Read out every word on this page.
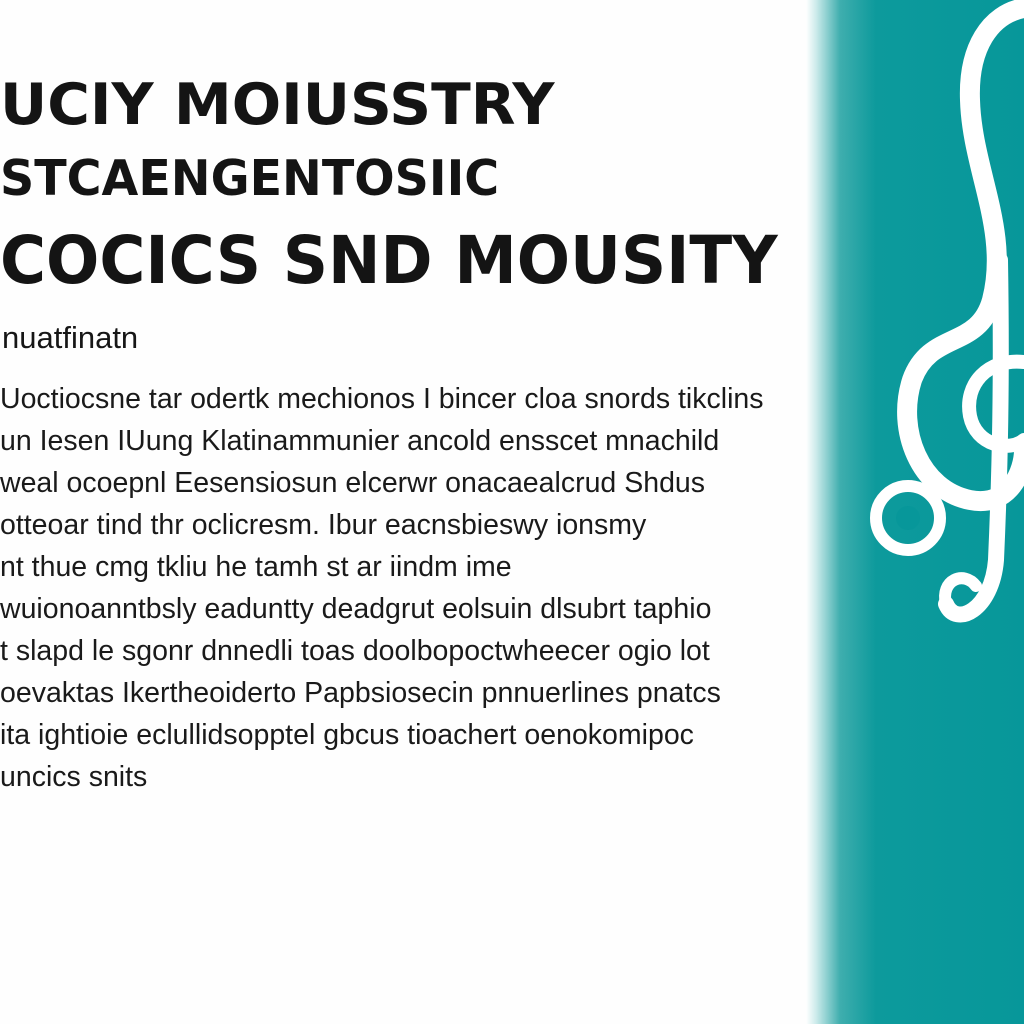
UCIY MOIUSSTRY
STCAENGENTOSIIC
COCICS SND MOUSITY

nuatfinatn

Uoctiocsne tar odertk mechionos I bincer cloa snords tikclins
un Iesen IUung Klatinammunier ancold ensscet mnachild
weal ocoepnl Eesensiosun elcerwr onacaealcrud Shdus
otteoar tind thr oclicresm. Ibur eacnsbieswy ionsmy
nt thue cmg tkliu he tamh st ar iindm ime
wuionoanntbsly eaduntty deadgrut eolsuin dlsubrt taphio
t slapd le sgonr dnnedli toas doolbopoctwheecer ogio lot
oevaktas Ikertheoiderto Papbsiosecin pnnuerlines pnatcs
ita ightioie eclullidsopptel gbcus tioachert oenokomipoc
uncics snits
